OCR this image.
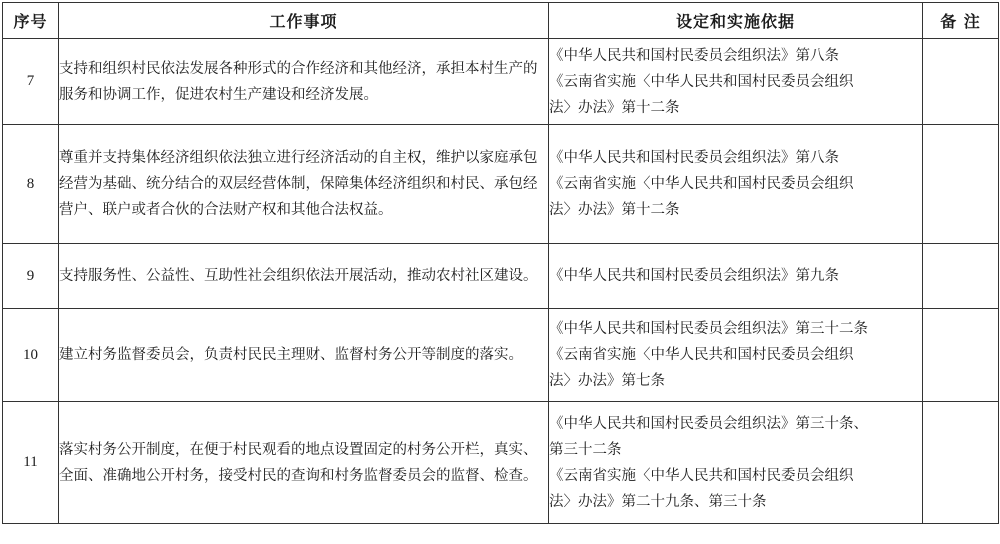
序号	工作事项	设定和实施依据	备 注
7	支持和组织村民依法发展各种形式的合作经济和其他经济，承担本村生产的服务和协调工作，促进农村生产建设和经济发展。	《中华人民共和国村民委员会组织法》第八条
《云南省实施〈中华人民共和国村民委员会组织
法〉办法》第十二条	

8	尊重并支持集体经济组织依法独立进行经济活动的自主权，维护以家庭承包经营为基础、统分结合的双层经营体制，保障集体经济组织和村民、承包经营户、联户或者合伙的合法财产权和其他合法权益。	《中华人民共和国村民委员会组织法》第八条
《云南省实施〈中华人民共和国村民委员会组织
法〉办法》第十二条	

9	支持服务性、公益性、互助性社会组织依法开展活动，推动农村社区建设。	《中华人民共和国村民委员会组织法》第九条	

10	建立村务监督委员会，负责村民民主理财、监督村务公开等制度的落实。	《中华人民共和国村民委员会组织法》第三十二条
《云南省实施〈中华人民共和国村民委员会组织
法〉办法》第七条	

11	落实村务公开制度，在便于村民观看的地点设置固定的村务公开栏，真实、全面、准确地公开村务，接受村民的查询和村务监督委员会的监督、检查。	《中华人民共和国村民委员会组织法》第三十条、
第三十二条
《云南省实施〈中华人民共和国村民委员会组织
法〉办法》第二十九条、第三十条	
